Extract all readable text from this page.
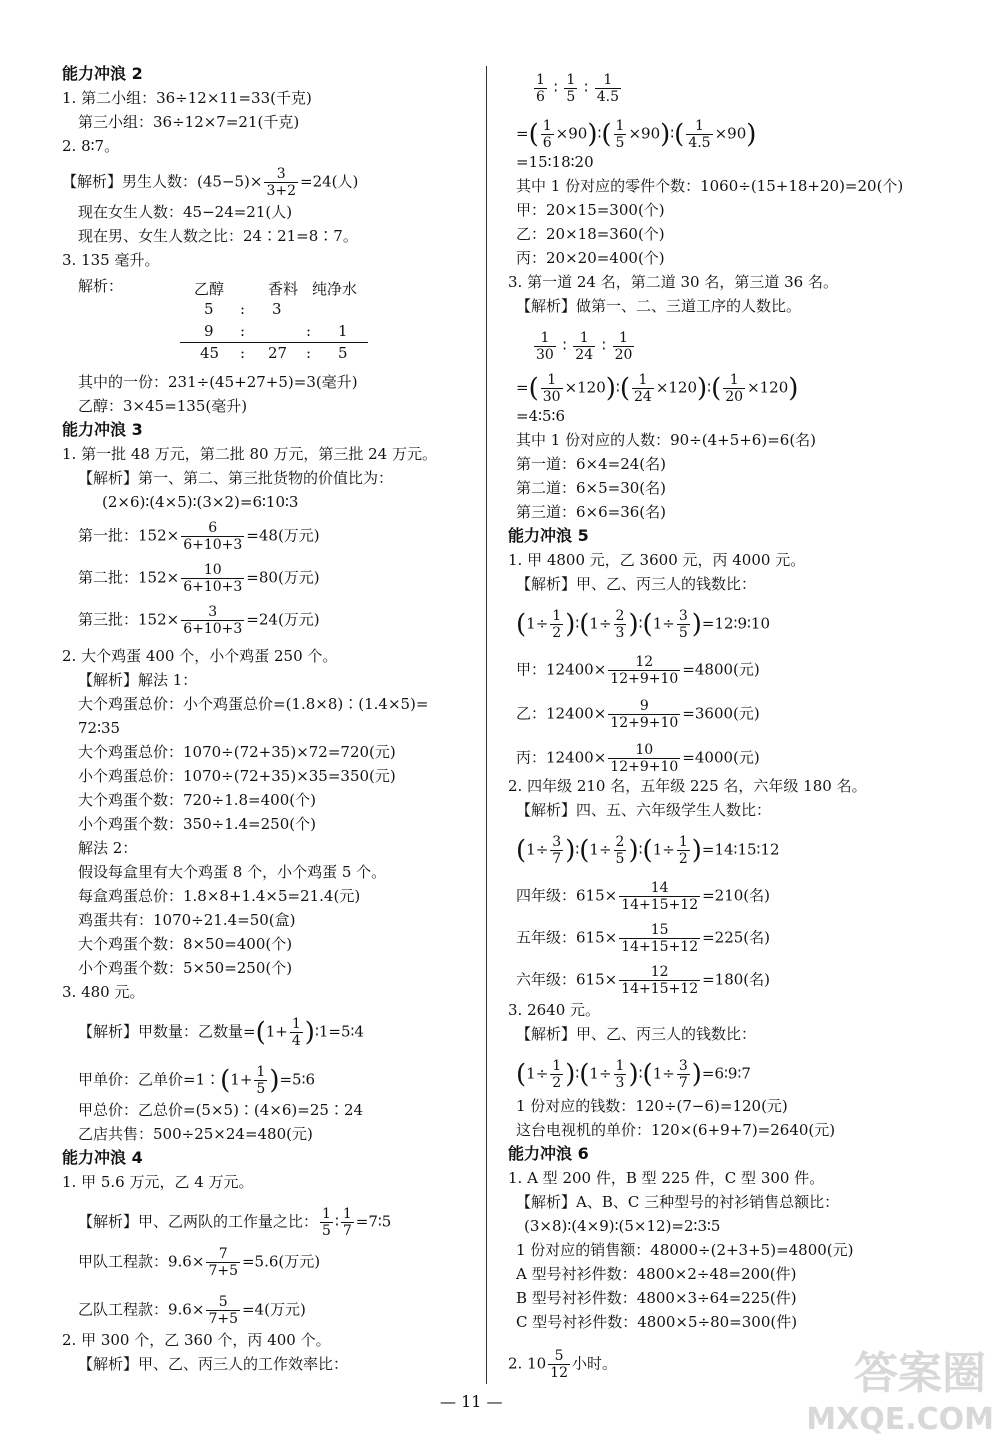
能力冲浪 2
1. 第二小组：36÷12×11=33(千克)
第三小组：36÷12×7=21(千克)
2. 8∶7。
【解析】男生人数：$(45-5)\times \frac{3}{3+2} =24$(人)
现在女生人数：45−24=21(人)
现在男、女生人数之比：24∶21=8∶7。
3. 135 毫升。
解析：	乙醇	香料 纯净水
5 : 3
9 :	: 1
45 : 27 : 5
其中的一份：231÷(45+27+5)=3(毫升)
乙醇：3×45=135(毫升)
能力冲浪 3
1. 第一批 48 万元，第二批 80 万元，第三批 24 万元。
【解析】第一、第二、第三批货物的价值比为：
(2×6)∶(4×5)∶(3×2)=6∶10∶3
第一批：$152\times \frac{6}{6+10+3} =48$(万元)
第二批：$152\times \frac{10}{6+10+3} =80$(万元)
第三批：$152\times \frac{3}{6+10+3} =24$(万元)
2. 大个鸡蛋 400 个，小个鸡蛋 250 个。
【解析】解法 1：
大个鸡蛋总价：小个鸡蛋总价=(1.8×8)∶(1.4×5)=
72∶35
大个鸡蛋总价：1070÷(72+35)×72=720(元)
小个鸡蛋总价：1070÷(72+35)×35=350(元)
大个鸡蛋个数：720÷1.8=400(个)
小个鸡蛋个数：350÷1.4=250(个)
解法 2：
假设每盒里有大个鸡蛋 8 个，小个鸡蛋 5 个。
每盒鸡蛋总价：1.8×8+1.4×5=21.4(元)
鸡蛋共有：1070÷21.4=50(盒)
大个鸡蛋个数：8×50=400(个)
小个鸡蛋个数：5×50=250(个)
3. 480 元。
【解析】甲数量：乙数量$=(1+ \frac{1}{4}$ )∶1=5∶4
甲单价：乙单价=1∶(1+ $\frac{1}{5}$ )=5∶6
甲总价：乙总价=(5×5)∶(4×6)=25∶24
乙店共售：500÷25×24=480(元)
能力冲浪 4
1. 甲 5.6 万元，乙 4 万元。
【解析】甲、乙两队的工作量之比： $\frac{1}{5}$ ∶ $\frac{1}{7}$ =7∶5
甲队工程款：$9.6\times \frac{7}{7+5} =5.6$(万元)
乙队工程款：$9.6\times \frac{5}{7+5} =4$(万元)
2. 甲 300 个，乙 360 个，丙 400 个。
【解析】甲、乙、丙三人的工作效率比：
$\frac{1}{6}$ ∶ $\frac{1}{5}$ ∶ $\frac{1}{4.5}$
=( $\frac{1}{6}$ ×90)∶( $\frac{1}{5}$ ×90)∶( $\frac{1}{4.5} \times 90$)
=15∶18∶20
其中 1 份对应的零件个数：1060÷(15+18+20)=20(个)
甲：20×15=300(个)
乙：20×18=360(个)
丙：20×20=400(个)
3. 第一道 24 名，第二道 30 名，第三道 36 名。
【解析】做第一、二、三道工序的人数比。
$\frac{1}{30}$ ∶ $\frac{1}{24}$ ∶ $\frac{1}{20}$
=( $\frac{1}{30}$ ×120)∶( $\frac{1}{24}$ ×120)∶( $\frac{1}{20} \times 120$)
=4∶5∶6
其中 1 份对应的人数：90÷(4+5+6)=6(名)
第一道：6×4=24(名)
第二道：6×5=30(名)
第三道：6×6=36(名)
能力冲浪 5
1. 甲 4800 元，乙 3600 元，丙 4000 元。
【解析】甲、乙、丙三人的钱数比：
($1\div \frac{1}{2}$ )∶(1÷ $\frac{2}{3}$ )∶(1÷ $\frac{3}{5}$ )=12∶9∶10
甲：$12400\times \frac{12}{12+9+10} =4800$(元)
乙：$12400\times \frac{9}{12+9+10} =3600$(元)
丙：$12400\times \frac{10}{12+9+10} =4000$(元)
2. 四年级 210 名，五年级 225 名，六年级 180 名。
【解析】四、五、六年级学生人数比：
($1\div \frac{3}{7}$ )∶(1÷ $\frac{2}{5}$ )∶(1÷ $\frac{1}{2}$ )=14∶15∶12
四年级：$615\times \frac{14}{14+15+12} =210$(名)
五年级：$615\times \frac{15}{14+15+12} =225$(名)
六年级：$615\times \frac{12}{14+15+12} =180$(名)
3. 2640 元。
【解析】甲、乙、丙三人的钱数比：
($1\div \frac{1}{2}$ )∶(1÷ $\frac{1}{3}$ )∶(1÷ $\frac{3}{7}$ )=6∶9∶7
1 份对应的钱数：120÷(7−6)=120(元)
这台电视机的单价：120×(6+9+7)=2640(元)
能力冲浪 6
1. A 型 200 件，B 型 225 件，C 型 300 件。
【解析】A、B、C 三种型号的衬衫销售总额比：
(3×8)∶(4×9)∶(5×12)=2∶3∶5
1 份对应的销售额：48000÷(2+3+5)=4800(元)
A 型号衬衫件数：4800×2÷48=200(件)
B 型号衬衫件数：4800×3÷64=225(件)
C 型号衬衫件数：4800×5÷80=300(件)
2. $10 \frac{5}{12}$ 小时。
— 11 —
答案圈
MXQE.COM
